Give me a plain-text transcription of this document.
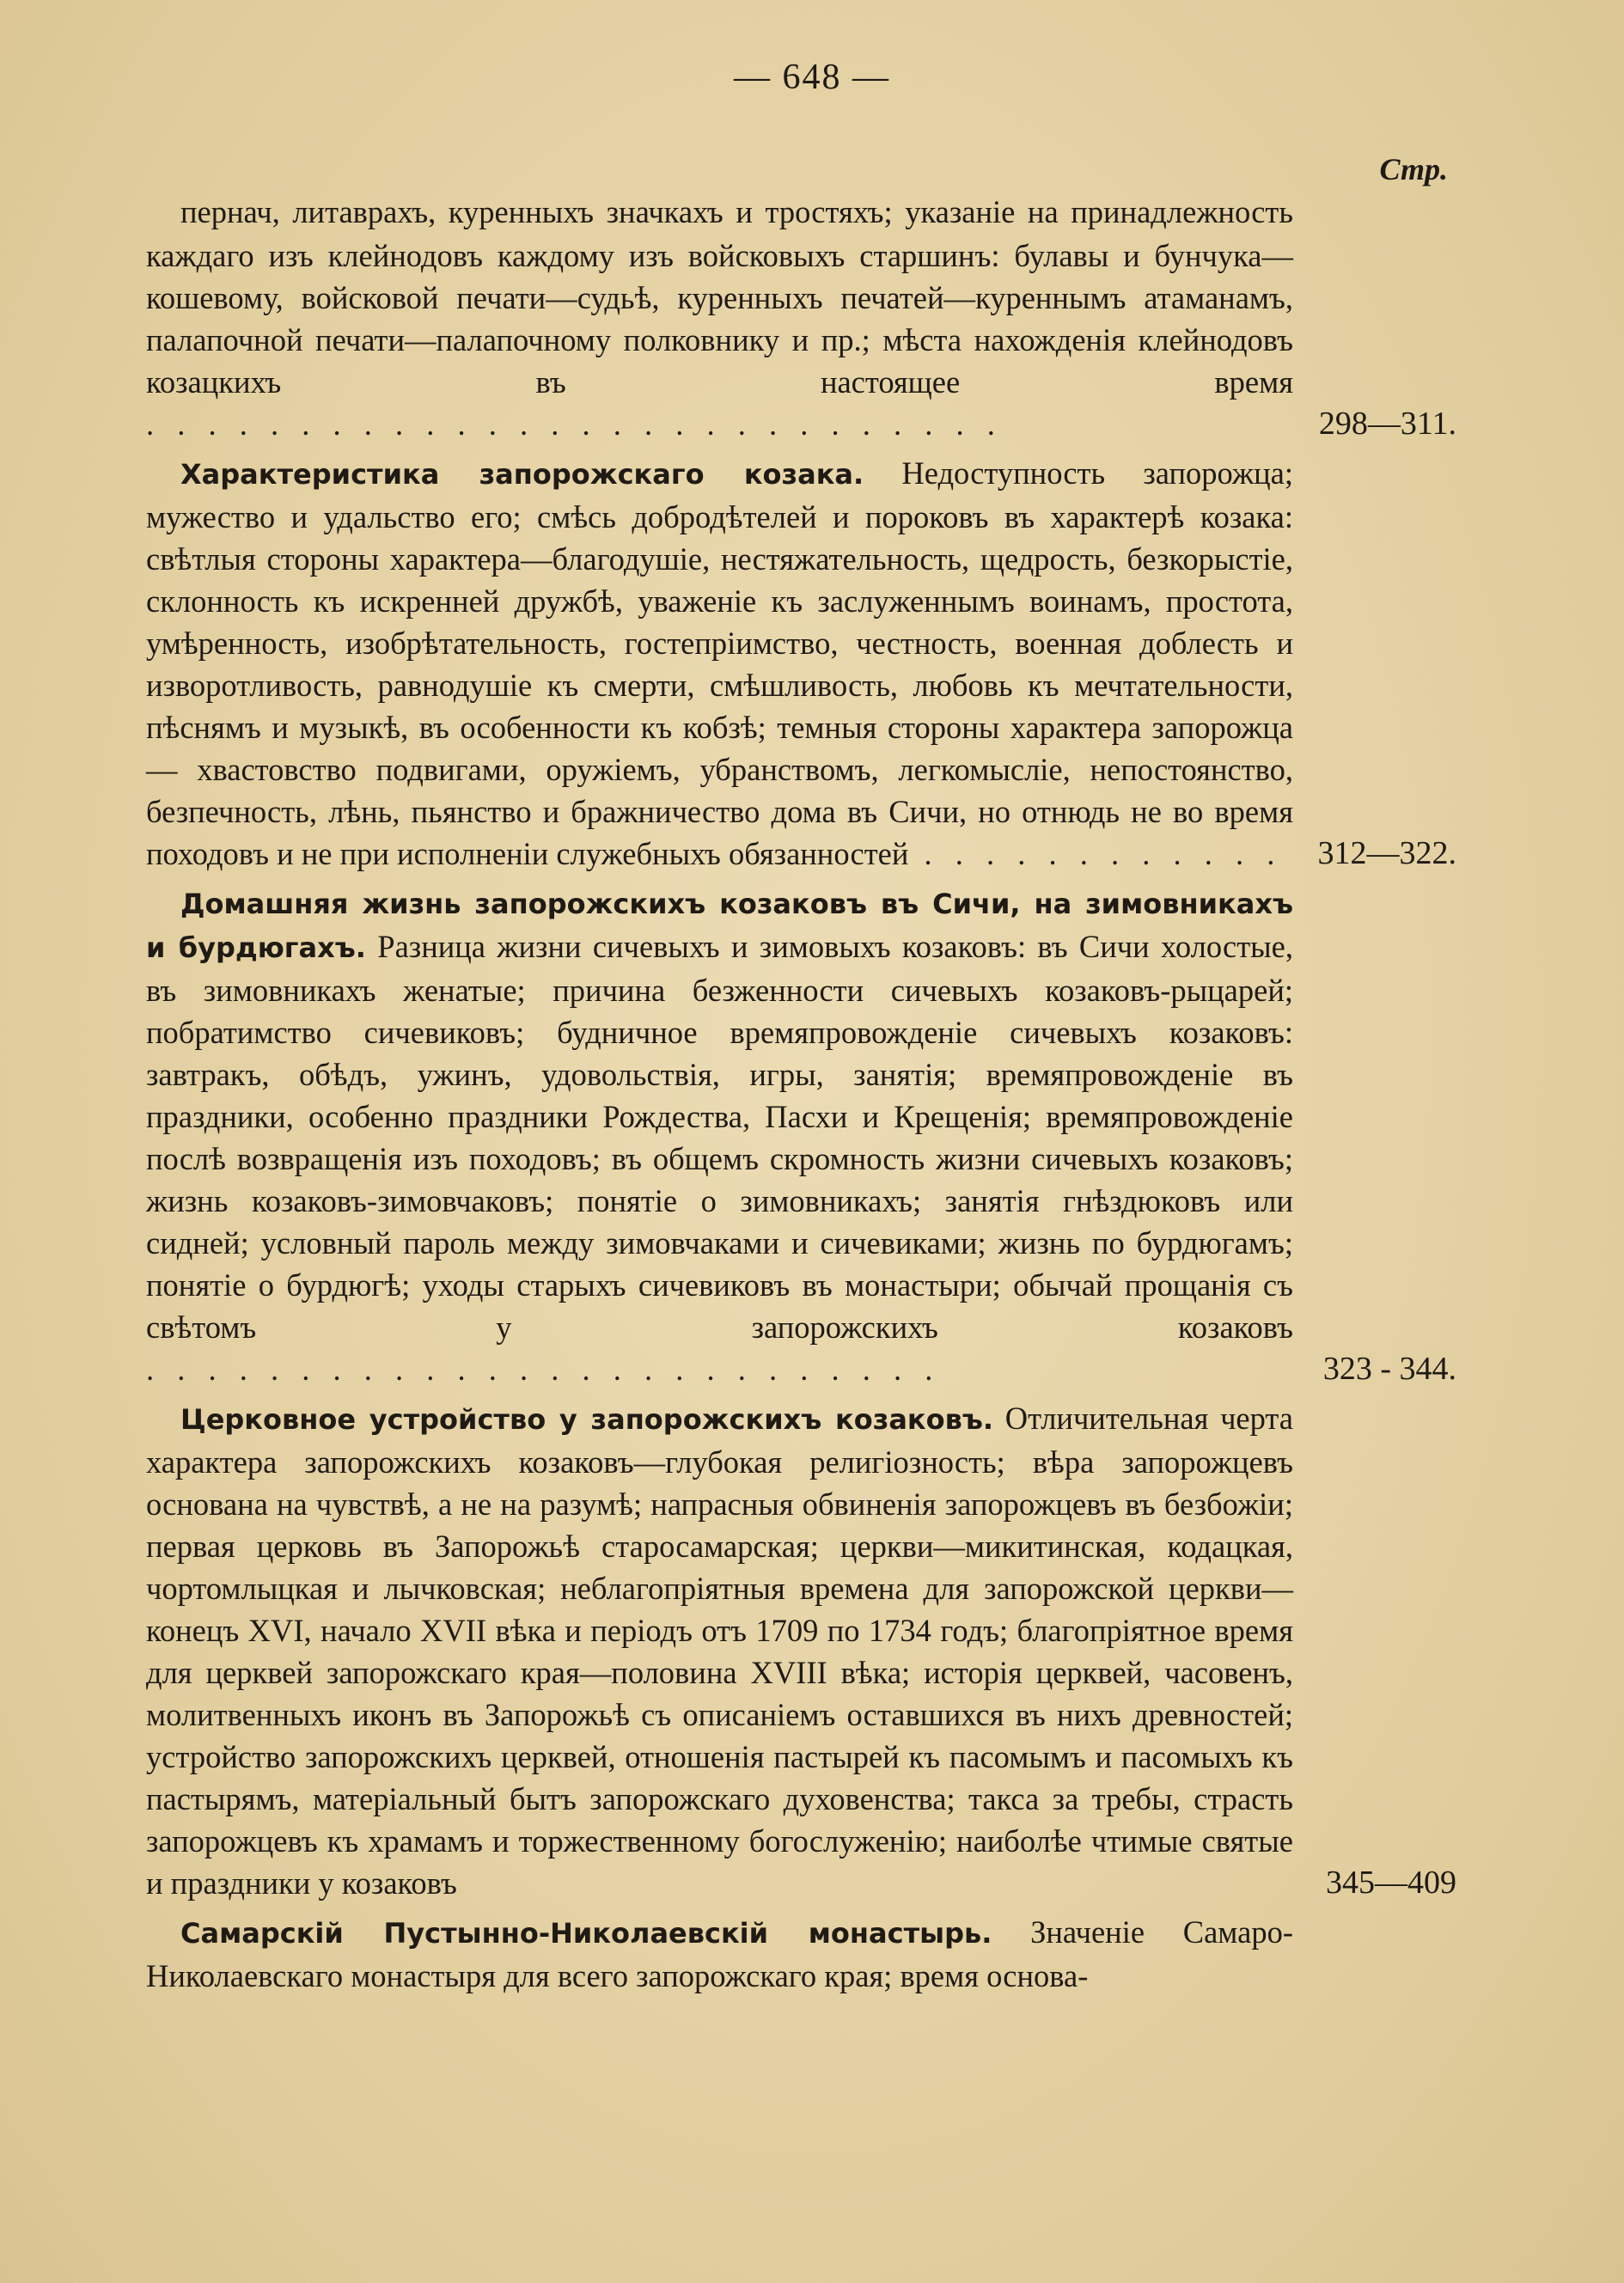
— 648 —
Стр.
пернач, литаврахъ, куренныхъ значкахъ и тростяхъ; указаніе на принадлежность каждаго изъ клейнодовъ каждому изъ войсковыхъ старшинъ: булавы и бунчука—кошевому, войсковой печати—судьѣ, куренныхъ печатей—куреннымъ атаманамъ, палапочной печати—палапочному полковнику и пр.; мѣста нахожденія клейнодовъ козацкихъ въ настоящее время . . . . . . . . . . . . . . . . . . . . . . . . . . . .	298—311.
Характеристика запорожскаго козака. Недоступность запорожца; мужество и удальство его; смѣсь добродѣтелей и пороковъ въ характерѣ козака: свѣтлыя стороны характера—благодушіе, нестяжательность, щедрость, безкорыстіе, склонность къ искренней дружбѣ, уваженіе къ заслуженнымъ воинамъ, простота, умѣренность, изобрѣтательность, гостепріимство, честность, военная доблесть и изворотливость, равнодушіе къ смерти, смѣшливость, любовь къ мечтательности, пѣснямъ и музыкѣ, въ особенности къ кобзѣ; темныя стороны характера запорожца — хвастовство подвигами, оружіемъ, убранствомъ, легкомысліе, непостоянство, безпечность, лѣнь, пьянство и бражничество дома въ Сичи, но отнюдь не во время походовъ и не при исполненіи служебныхъ обязанностей . . . . . . . . . . . .	312—322.
Домашняя жизнь запорожскихъ козаковъ въ Сичи, на зимовникахъ и бурдюгахъ. Разница жизни сичевыхъ и зимовыхъ козаковъ: въ Сичи холостые, въ зимовникахъ женатые; причина безженности сичевыхъ козаковъ-рыцарей; побратимство сичевиковъ; будничное времяпровожденіе сичевыхъ козаковъ: завтракъ, обѣдъ, ужинъ, удовольствія, игры, занятія; времяпровожденіе въ праздники, особенно праздники Рождества, Пасхи и Крещенія; времяпровожденіе послѣ возвращенія изъ походовъ; въ общемъ скромность жизни сичевыхъ козаковъ; жизнь козаковъ-зимовчаковъ; понятіе о зимовникахъ; занятія гнѣздюковъ или сидней; условный пароль между зимовчаками и сичевиками; жизнь по бурдюгамъ; понятіе о бурдюгѣ; уходы старыхъ сичевиковъ въ монастыри; обычай прощанія съ свѣтомъ у запорожскихъ козаковъ . . . . . . . . . . . . . . . . . . . . . . . . . .	323 - 344.
Церковное устройство у запорожскихъ козаковъ. Отличительная черта характера запорожскихъ козаковъ—глубокая религіозность; вѣра запорожцевъ основана на чувствѣ, а не на разумѣ; напрасныя обвиненія запорожцевъ въ безбожіи; первая церковь въ Запорожьѣ старосамарская; церкви—микитинская, кодацкая, чортомлыцкая и лычковская; неблагопріятныя времена для запорожской церкви—конецъ XVI, начало XVII вѣка и періодъ отъ 1709 по 1734 годъ; благопріятное время для церквей запорожскаго края—половина XVIII вѣка; исторія церквей, часовенъ, молитвенныхъ иконъ въ Запорожьѣ съ описаніемъ оставшихся въ нихъ древностей; устройство запорожскихъ церквей, отношенія пастырей къ пасомымъ и пасомыхъ къ пастырямъ, матеріальный бытъ запорожскаго духовенства; такса за требы, страсть запорожцевъ къ храмамъ и торжественному богослуженію; наиболѣе чтимые святые и праздники у козаковъ	345—409
Самарскій Пустынно-Николаевскій монастырь. Значеніе Самаро-Николаевскаго монастыря для всего запорожскаго края; время основа-
